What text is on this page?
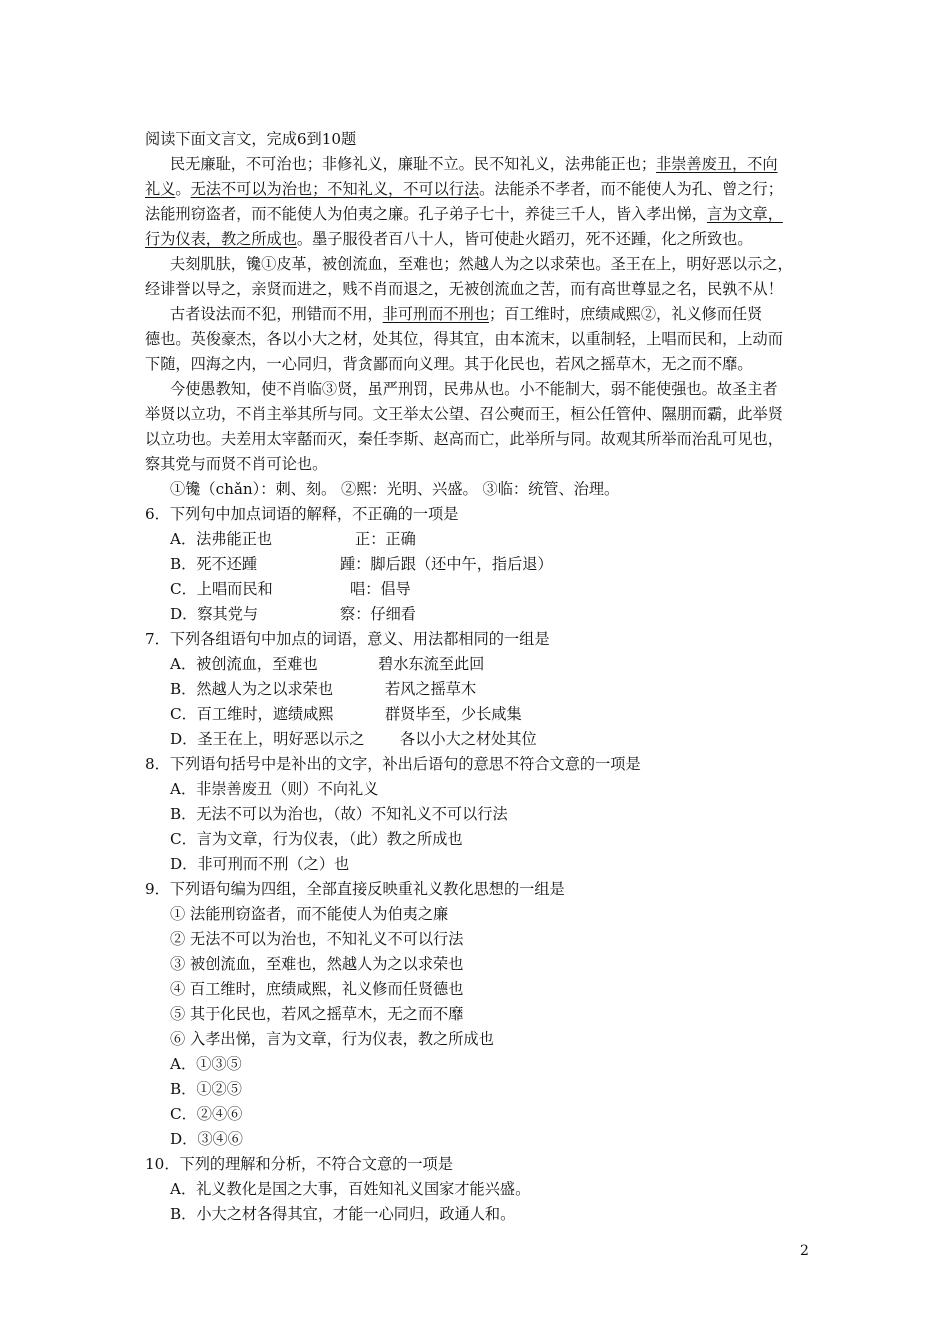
阅读下面文言文，完成6到10题
民无廉耻，不可治也；非修礼义，廉耻不立。民不知礼义，法弗能正也；非崇善废丑，不向
礼义。无法不可以为治也；不知礼义，不可以行法。法能杀不孝者，而不能使人为孔、曾之行；
法能刑窃盗者，而不能使人为伯夷之廉。孔子弟子七十，养徒三千人，皆入孝出悌，言为文章，
行为仪表，教之所成也。墨子服役者百八十人，皆可使赴火蹈刃，死不还踵，化之所致也。
夫刻肌肤，镵①皮革，被创流血，至难也；然越人为之以求荣也。圣王在上，明好恶以示之，
经诽誉以导之，亲贤而进之，贱不肖而退之，无被创流血之苦，而有高世尊显之名，民孰不从！
古者设法而不犯，刑错而不用，非可刑而不刑也；百工维时，庶绩咸熙②，礼义修而任贤
德也。英俊豪杰，各以小大之材，处其位，得其宜，由本流末，以重制轻，上唱而民和，上动而
下随，四海之内，一心同归，背贪鄙而向义理。其于化民也，若风之摇草木，无之而不靡。
今使愚教知，使不肖临③贤，虽严刑罚，民弗从也。小不能制大，弱不能使强也。故圣主者
举贤以立功，不肖主举其所与同。文王举太公望、召公奭而王，桓公任管仲、隰朋而霸，此举贤
以立功也。夫差用太宰嚭而灭，秦任李斯、赵高而亡，此举所与同。故观其所举而治乱可见也，
察其党与而贤不肖可论也。
①镵（chǎn）：刺、刻。 ②熙：光明、兴盛。 ③临：统管、治理。
6．下列句中加点词语的解释，不正确的一项是
A．法弗能正也	正：正确
B．死不还踵	踵：脚后跟（还中午，指后退）
C．上唱而民和	唱：倡导
D．察其党与	察：仔细看
7．下列各组语句中加点的词语，意义、用法都相同的一组是
A．被创流血，至难也	碧水东流至此回
B．然越人为之以求荣也	若风之摇草木
C．百工维时，遮绩咸熙	群贤毕至，少长咸集
D．圣王在上，明好恶以示之 各以小大之材处其位
8．下列语句括号中是补出的文字，补出后语句的意思不符合文意的一项是
A．非崇善废丑（则）不向礼义
B．无法不可以为治也，（故）不知礼义不可以行法
C．言为文章，行为仪表，（此）教之所成也
D．非可刑而不刑（之）也
9．下列语句编为四组，全部直接反映重礼义教化思想的一组是
① 法能刑窃盗者，而不能使人为伯夷之廉
② 无法不可以为治也，不知礼义不可以行法
③ 被创流血，至难也，然越人为之以求荣也
④ 百工维时，庶绩咸熙，礼义修而任贤德也
⑤ 其于化民也，若风之摇草木，无之而不靡
⑥ 入孝出悌，言为文章，行为仪表，教之所成也
A．①③⑤
B．①②⑤
C．②④⑥
D．③④⑥
10．下列的理解和分析，不符合文意的一项是
A．礼义教化是国之大事，百姓知礼义国家才能兴盛。
B．小大之材各得其宜，才能一心同归，政通人和。
2
